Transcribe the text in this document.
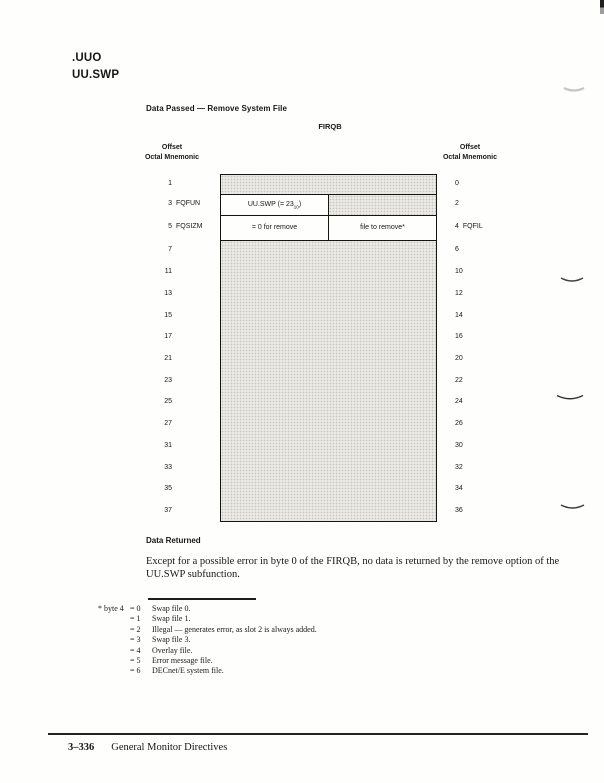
.UUO
UU.SWP
Data Passed — Remove System File
FIRQB
Offset
Octal Mnemonic
Offset
Octal Mnemonic
UU.SWP (= $23_{10}$)
= 0 for remove	file to remove*
1
3 FQFUN
5 FQSIZM
7
11
13
15
17
21
23
25
27
31
33
35
37
0
2
4 FQFIL
6
10
12
14
16
20
22
24
26
30
32
34
36
Data Returned
Except for a possible error in byte 0 of the FIRQB, no data is returned by the remove option of the UU.SWP subfunction.
* byte 4 = 0 Swap file 0.
= 1 Swap file 1.
= 2 Illegal — generates error, as slot 2 is always added.
= 3 Swap file 3.
= 4 Overlay file.
= 5 Error message file.
= 6 DECnet/E system file.
3–336 General Monitor Directives
